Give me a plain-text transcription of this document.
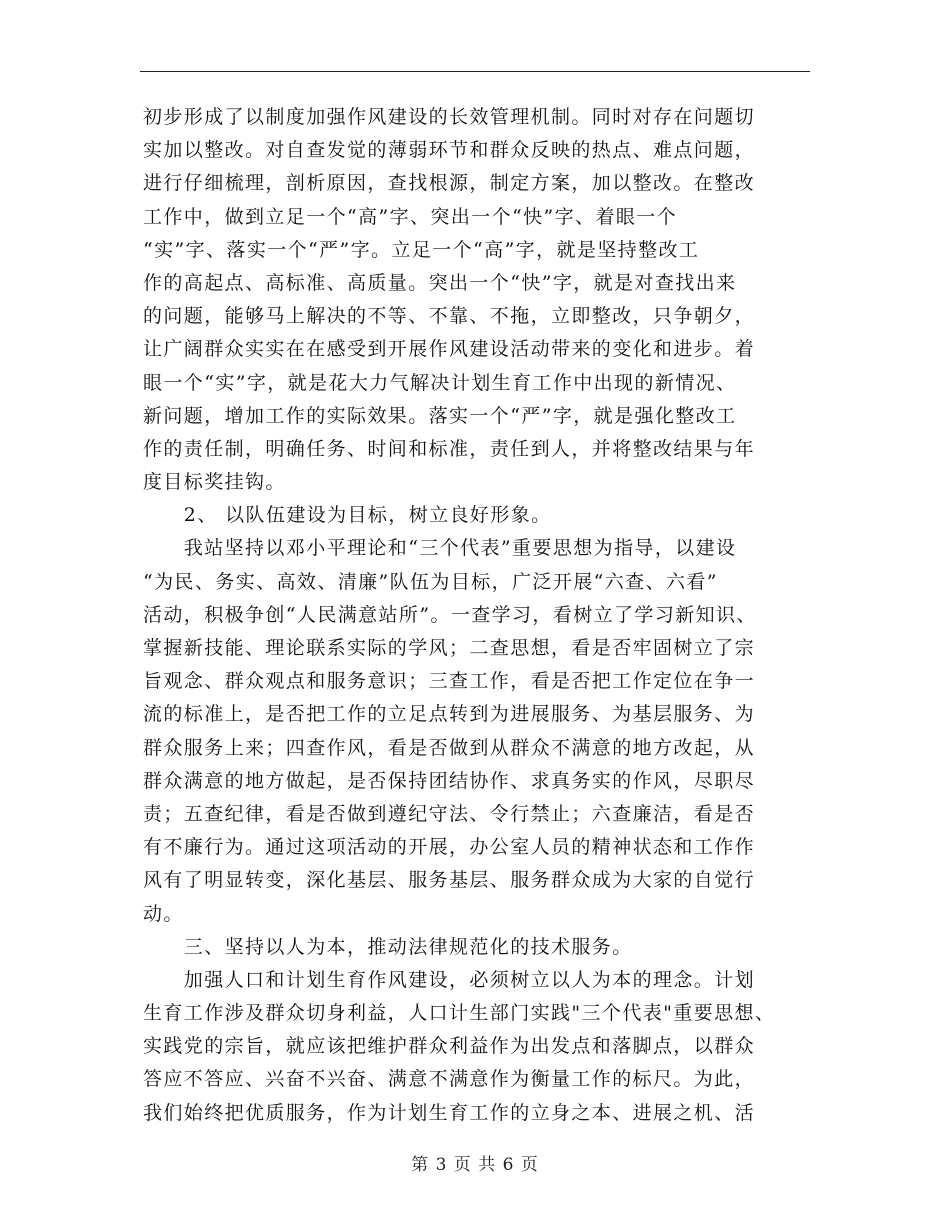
初步形成了以制度加强作风建设的长效管理机制。同时对存在问题切
实加以整改。对自查发觉的薄弱环节和群众反映的热点、难点问题，
进行仔细梳理，剖析原因，查找根源，制定方案，加以整改。在整改
工作中，做到立足一个“高”字、突出一个“快”字、着眼一个
“实”字、落实一个“严”字。立足一个“高”字，就是坚持整改工
作的高起点、高标准、高质量。突出一个“快”字，就是对查找出来
的问题，能够马上解决的不等、不靠、不拖，立即整改，只争朝夕，
让广阔群众实实在在感受到开展作风建设活动带来的变化和进步。着
眼一个“实”字，就是花大力气解决计划生育工作中出现的新情况、
新问题，增加工作的实际效果。落实一个“严”字，就是强化整改工
作的责任制，明确任务、时间和标准，责任到人，并将整改结果与年
度目标奖挂钩。
　　2、 以队伍建设为目标，树立良好形象。
　　我站坚持以邓小平理论和“三个代表”重要思想为指导，以建设
“为民、务实、高效、清廉”队伍为目标，广泛开展“六查、六看”
活动，积极争创“人民满意站所”。一查学习，看树立了学习新知识、
掌握新技能、理论联系实际的学风；二查思想，看是否牢固树立了宗
旨观念、群众观点和服务意识；三查工作，看是否把工作定位在争一
流的标准上，是否把工作的立足点转到为进展服务、为基层服务、为
群众服务上来；四查作风，看是否做到从群众不满意的地方改起，从
群众满意的地方做起，是否保持团结协作、求真务实的作风，尽职尽
责；五查纪律，看是否做到遵纪守法、令行禁止；六查廉洁，看是否
有不廉行为。通过这项活动的开展，办公室人员的精神状态和工作作
风有了明显转变，深化基层、服务基层、服务群众成为大家的自觉行
动。
　　三、坚持以人为本，推动法律规范化的技术服务。
　　加强人口和计划生育作风建设，必须树立以人为本的理念。计划
生育工作涉及群众切身利益，人口计生部门实践"三个代表"重要思想、
实践党的宗旨，就应该把维护群众利益作为出发点和落脚点，以群众
答应不答应、兴奋不兴奋、满意不满意作为衡量工作的标尺。为此，
我们始终把优质服务，作为计划生育工作的立身之本、进展之机、活
第 3 页 共 6 页
